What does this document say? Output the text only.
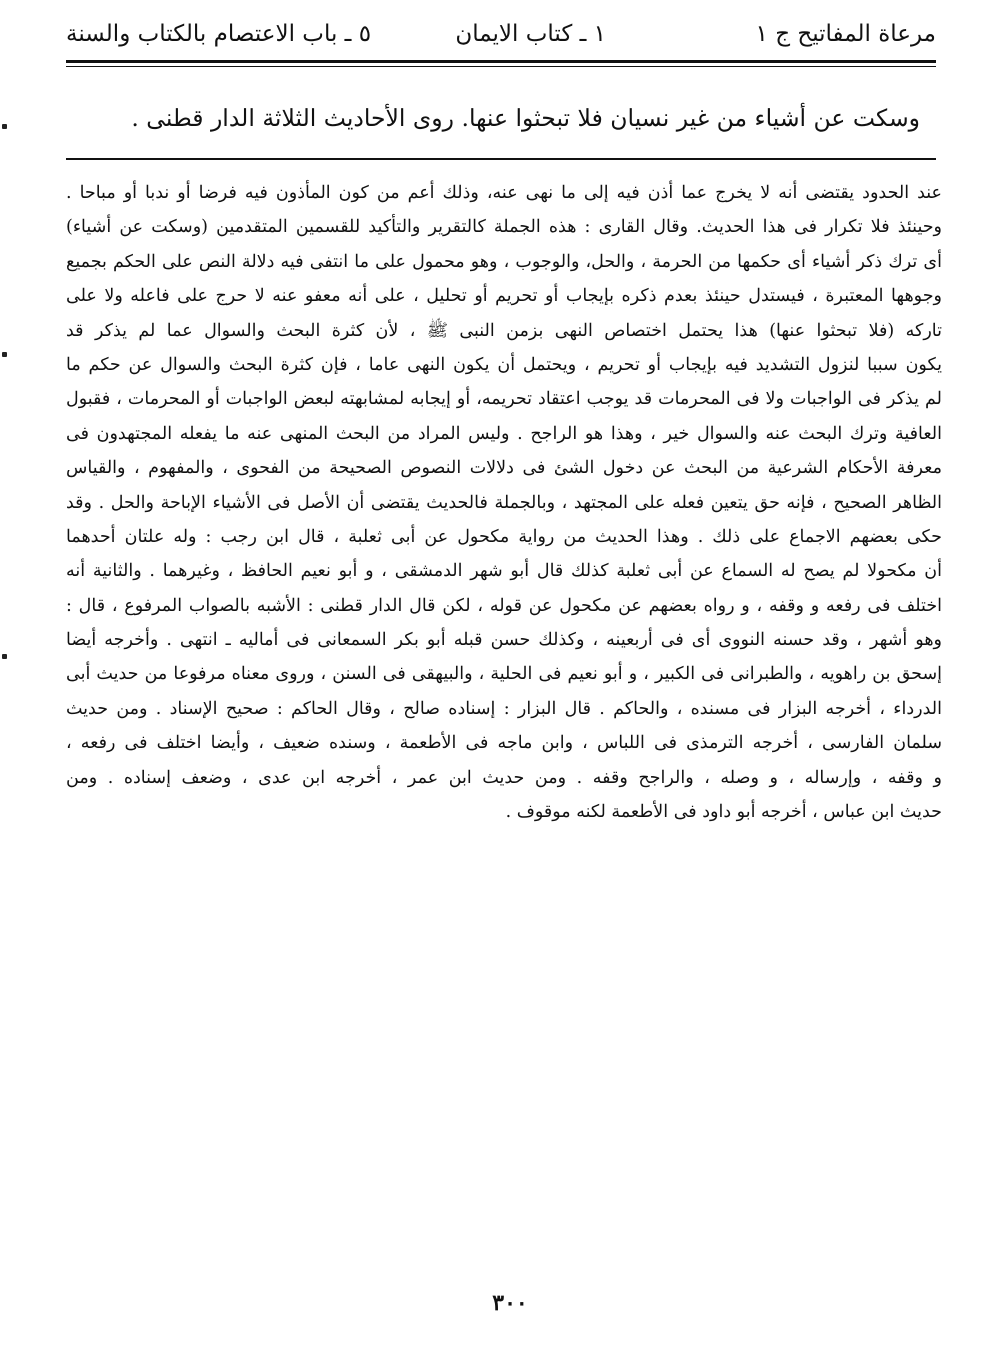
مرعاة المفاتيح ج ١
١ ـ كتاب الايمان
٥ ـ باب الاعتصام بالكتاب والسنة
وسكت عن أشياء من غير نسيان فلا تبحثوا عنها. روى الأحاديث الثلاثة الدار قطنى .
عند الحدود يقتضى أنه لا يخرج عما أذن فيه إلى ما نهى عنه، وذلك أعم من كون المأذون فيه فرضا أو ندبا أو مباحا .
وحينئذ فلا تكرار فى هذا الحديث. وقال القارى : هذه الجملة كالتقرير والتأكيد للقسمين المتقدمين (وسكت عن أشياء)
أى ترك ذكر أشياء أى حكمها من الحرمة ، والحل، والوجوب ، وهو محمول على ما انتفى فيه دلالة النص على الحكم بجميع
وجوهها المعتبرة ، فيستدل حينئذ بعدم ذكره بإيجاب أو تحريم أو تحليل ، على أنه معفو عنه لا حرج على فاعله ولا على
تاركه (فلا تبحثوا عنها) هذا يحتمل اختصاص النهى بزمن النبى ﷺ ، لأن كثرة البحث والسوال عما لم يذكر قد
يكون سببا لنزول التشديد فيه بإيجاب أو تحريم ، ويحتمل أن يكون النهى عاما ، فإن كثرة البحث والسوال عن حكم ما
لم يذكر فى الواجبات ولا فى المحرمات قد يوجب اعتقاد تحريمه، أو إيجابه لمشابهته لبعض الواجبات أو المحرمات ، فقبول
العافية وترك البحث عنه والسوال خير ، وهذا هو الراجح . وليس المراد من البحث المنهى عنه ما يفعله المجتهدون فى
معرفة الأحكام الشرعية من البحث عن دخول الشئ فى دلالات النصوص الصحيحة من الفحوى ، والمفهوم ، والقياس
الظاهر الصحيح ، فإنه حق يتعين فعله على المجتهد ، وبالجملة فالحديث يقتضى أن الأصل فى الأشياء الإباحة والحل . وقد
حكى بعضهم الاجماع على ذلك . وهذا الحديث من رواية مكحول عن أبى ثعلبة ، قال ابن رجب : وله علتان أحدهما
أن مكحولا لم يصح له السماع عن أبى ثعلبة كذلك قال أبو شهر الدمشقى ، و أبو نعيم الحافظ ، وغيرهما . والثانية أنه
اختلف فى رفعه و وقفه ، و رواه بعضهم عن مكحول عن قوله ، لكن قال الدار قطنى : الأشبه بالصواب المرفوع ، قال :
وهو أشهر ، وقد حسنه النووى أى فى أربعينه ، وكذلك حسن قبله أبو بكر السمعانى فى أماليه ـ انتهى . وأخرجه أيضا
إسحق بن راهويه ، والطبرانى فى الكبير ، و أبو نعيم فى الحلية ، والبيهقى فى السنن ، وروى معناه مرفوعا من حديث أبى
الدرداء ، أخرجه البزار فى مسنده ، والحاكم . قال البزار : إسناده صالح ، وقال الحاكم : صحيح الإسناد . ومن حديث
سلمان الفارسى ، أخرجه الترمذى فى اللباس ، وابن ماجه فى الأطعمة ، وسنده ضعيف ، وأيضا اختلف فى رفعه ،
و وقفه ، وإرساله ، و وصله ، والراجح وقفه . ومن حديث ابن عمر ، أخرجه ابن عدى ، وضعف إسناده . ومن
حديث ابن عباس ، أخرجه أبو داود فى الأطعمة لكنه موقوف .
٣٠٠
